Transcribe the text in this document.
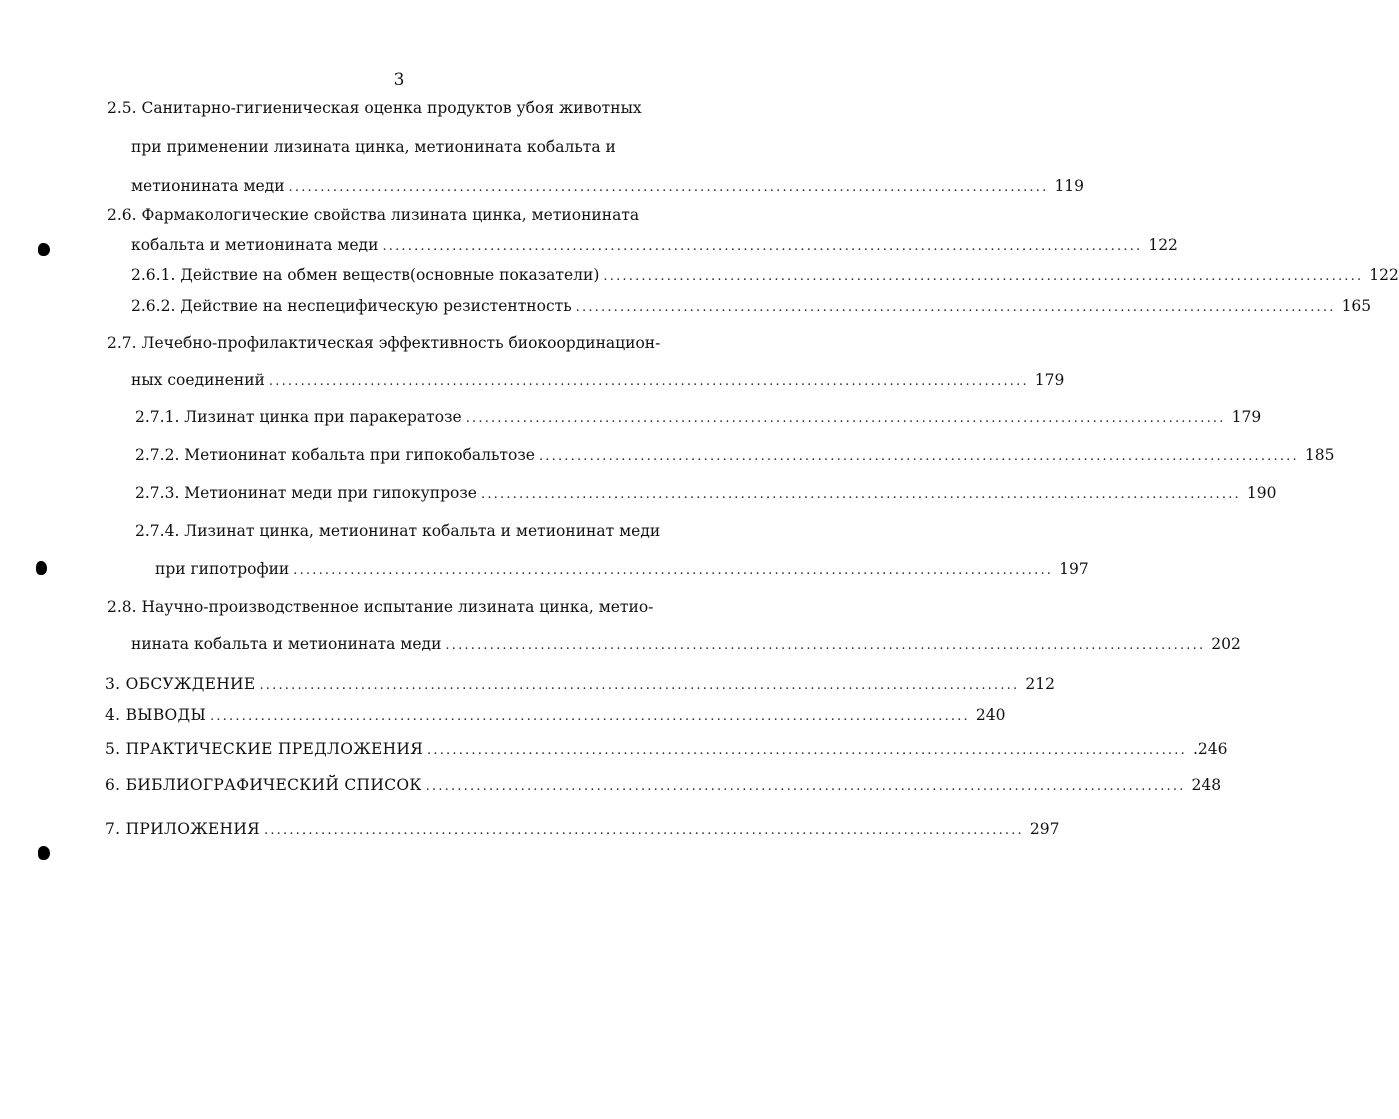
3
2.5. Санитарно-гигиеническая оценка продуктов убоя животных
при применении лизината цинка, метионината кобальта и
метионината меди ........................................................................................................................ 119
2.6. Фармакологические свойства лизината цинка, метионината
кобальта и метионината меди ........................................................................................................................ 122
2.6.1. Действие на обмен веществ(основные показатели) ........................................................................................................................ 122
2.6.2. Действие на неспецифическую резистентность ........................................................................................................................ 165
2.7. Лечебно-профилактическая эффективность биокоординацион-
ных соединений ........................................................................................................................ 179
2.7.1. Лизинат цинка при паракератозе ........................................................................................................................ 179
2.7.2. Метионинат кобальта при гипокобальтозе ........................................................................................................................ 185
2.7.3. Метионинат меди при гипокупрозе ........................................................................................................................ 190
2.7.4. Лизинат цинка, метионинат кобальта и метионинат меди
при гипотрофии ........................................................................................................................ 197
2.8. Научно-производственное испытание лизината цинка, метио-
нината кобальта и метионината меди ........................................................................................................................ 202
3. ОБСУЖДЕНИЕ ........................................................................................................................ 212
4. ВЫВОДЫ ........................................................................................................................ 240
5. ПРАКТИЧЕСКИЕ ПРЕДЛОЖЕНИЯ ........................................................................................................................ .246
6. БИБЛИОГРАФИЧЕСКИЙ СПИСОК ........................................................................................................................ 248
7. ПРИЛОЖЕНИЯ ........................................................................................................................ 297
